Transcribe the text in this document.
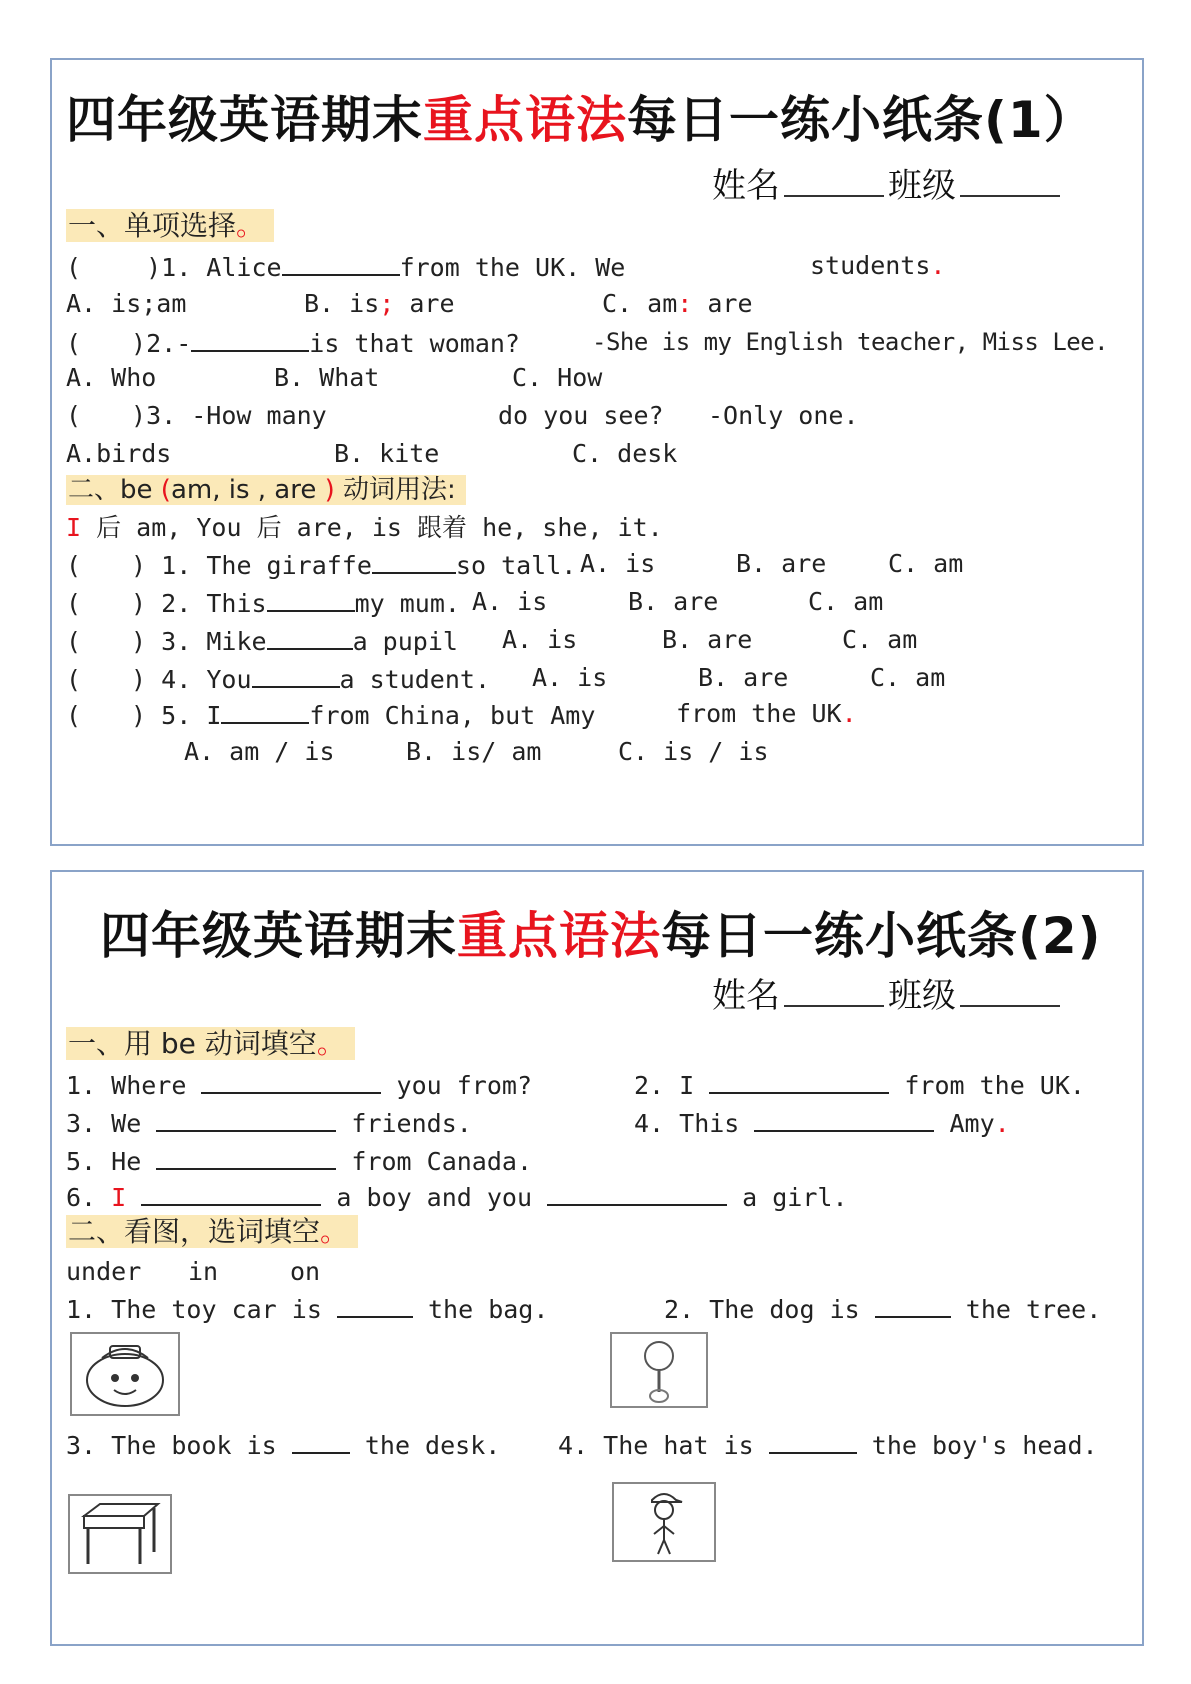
四年级英语期末重点语法每日一练小纸条(1）
姓名	班级
一、单项选择。
(　　 )1. Alice	from the UK. We	students.
A. is;am	B. is; are	C. am: are
(　　)2.-	is that woman?	-She is my English teacher, Miss Lee.
A. Who	B. What	C. How
(　　)3. -How many	do you see? -Only one.
A.birds	B. kite	C. desk
二、be (am, is , are ) 动词用法:
I 后 am, You 后 are, is 跟着 he, she, it.
(　　) 1. The giraffe	so tall. A. is	B. are C. am
(　　) 2. This	my mum. A. is	B. are	C. am
(　　) 3. Mike	a pupil A. is	B. are	C. am
(　　) 4. You	a student. A. is	B. are	C. am
(　　) 5. I	from China, but Amy	from the UK.
A. am / is	B. is/ am	C. is / is
四年级英语期末重点语法每日一练小纸条(2)
姓名	班级
一、用 be 动词填空。
1. Where	you from?	2. I	from the UK.
3. We	friends.	4. This	Amy.
5. He	from Canada.
6. I	a boy and you	a girl.
二、看图，选词填空。
under in	on
1. The toy car is	the bag.	2. The dog is	the tree.
3. The book is	the desk. 4. The hat is	the boy's head.
